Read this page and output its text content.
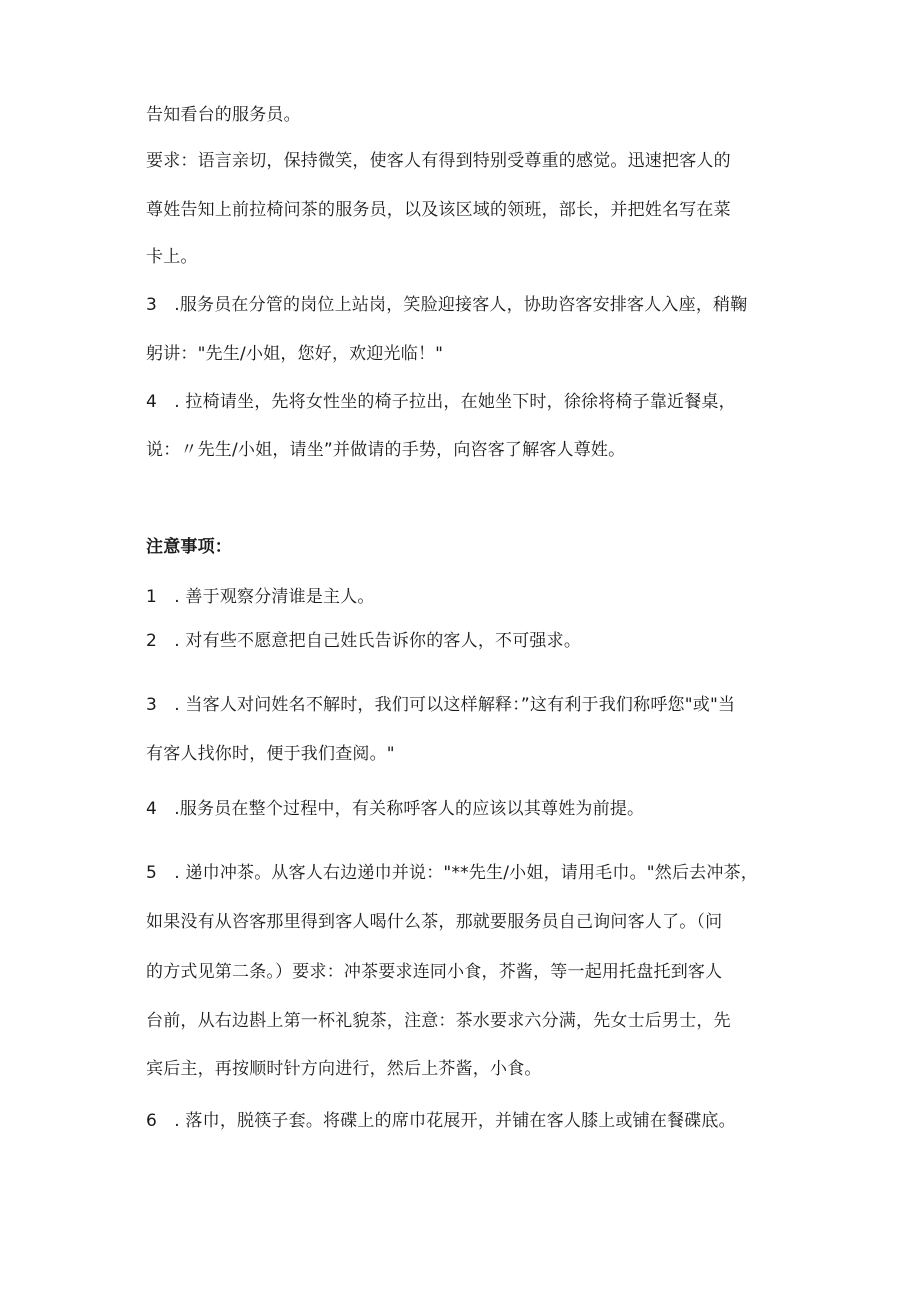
告知看台的服务员。
要求：语言亲切，保持微笑，使客人有得到特别受尊重的感觉。迅速把客人的
尊姓告知上前拉椅问茶的服务员，以及该区域的领班，部长，并把姓名写在菜
卡上。
3　.服务员在分管的岗位上站岗，笑脸迎接客人，协助咨客安排客人入座，稍鞠
躬讲："先生/小姐，您好，欢迎光临！"
4　. 拉椅请坐，先将女性坐的椅子拉出，在她坐下时，徐徐将椅子靠近餐桌，
说：〃先生/小姐，请坐”并做请的手势，向咨客了解客人尊姓。
注意事项：
1　. 善于观察分清谁是主人。
2　. 对有些不愿意把自己姓氏告诉你的客人，不可强求。
3　. 当客人对问姓名不解时，我们可以这样解释：”这有利于我们称呼您"或"当
有客人找你时，便于我们查阅。"
4　.服务员在整个过程中，有关称呼客人的应该以其尊姓为前提。
5　. 递巾冲茶。从客人右边递巾并说："**先生/小姐，请用毛巾。"然后去冲茶，
如果没有从咨客那里得到客人喝什么茶，那就要服务员自己询问客人了。（问
的方式见第二条。）要求：冲茶要求连同小食，芥酱，等一起用托盘托到客人
台前，从右边斟上第一杯礼貌茶，注意：茶水要求六分满，先女士后男士，先
宾后主，再按顺时针方向进行，然后上芥酱，小食。
6　. 落巾，脱筷子套。将碟上的席巾花展开，并铺在客人膝上或铺在餐碟底。
